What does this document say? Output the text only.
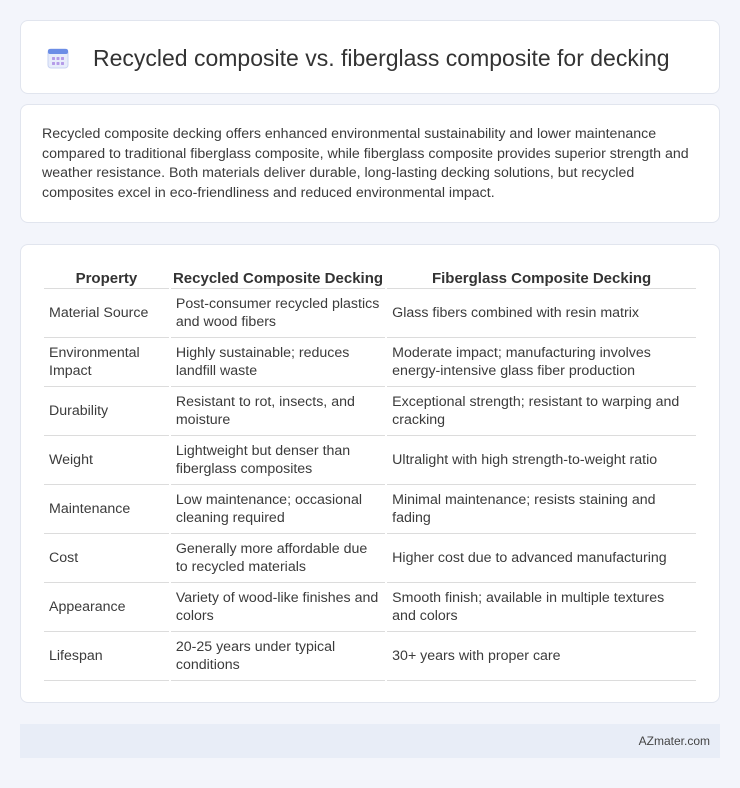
Recycled composite vs. fiberglass composite for decking

Recycled composite decking offers enhanced environmental sustainability and lower maintenance compared to traditional fiberglass composite, while fiberglass composite provides superior strength and weather resistance. Both materials deliver durable, long-lasting decking solutions, but recycled composites excel in eco-friendliness and reduced environmental impact.

Property	Recycled Composite Decking	Fiberglass Composite Decking
Material Source	Post-consumer recycled plastics and wood fibers	Glass fibers combined with resin matrix
Environmental Impact	Highly sustainable; reduces landfill waste	Moderate impact; manufacturing involves energy-intensive glass fiber production
Durability	Resistant to rot, insects, and moisture	Exceptional strength; resistant to warping and cracking
Weight	Lightweight but denser than fiberglass composites	Ultralight with high strength-to-weight ratio
Maintenance	Low maintenance; occasional cleaning required	Minimal maintenance; resists staining and fading
Cost	Generally more affordable due to recycled materials	Higher cost due to advanced manufacturing
Appearance	Variety of wood-like finishes and colors	Smooth finish; available in multiple textures and colors
Lifespan	20-25 years under typical conditions	30+ years with proper care
AZmater.com
